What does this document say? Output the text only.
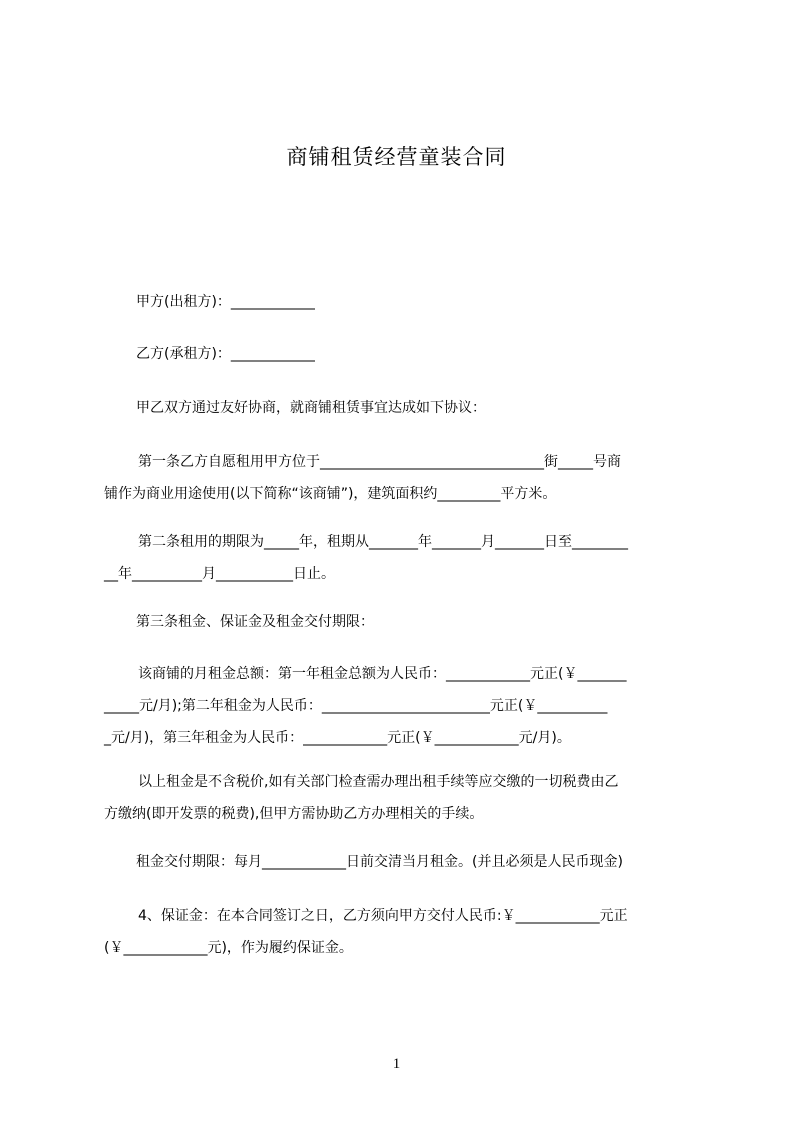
商铺租赁经营童装合同
甲方(出租方)：____________
乙方(承租方)：____________
甲乙双方通过友好协商，就商铺租赁事宜达成如下协议：
第一条乙方自愿租用甲方位于________________________________街_____号商
铺作为商业用途使用(以下简称“该商铺”)，建筑面积约_________平方米。
第二条租用的期限为_____年，租期从_______年_______月_______日至________
__年__________月___________日止。
第三条租金、保证金及租金交付期限：
该商铺的月租金总额：第一年租金总额为人民币：____________元正(￥_______
_____元/月);第二年租金为人民币：________________________元正(￥__________
_元/月)，第三年租金为人民币：____________元正(￥____________元/月)。
以上租金是不含税价,如有关部门检查需办理出租手续等应交缴的一切税费由乙
方缴纳(即开发票的税费),但甲方需协助乙方办理相关的手续。
租金交付期限：每月____________日前交清当月租金。(并且必须是人民币现金)
4、保证金：在本合同签订之日，乙方须向甲方交付人民币:￥____________元正
(￥____________元)，作为履约保证金。
1
